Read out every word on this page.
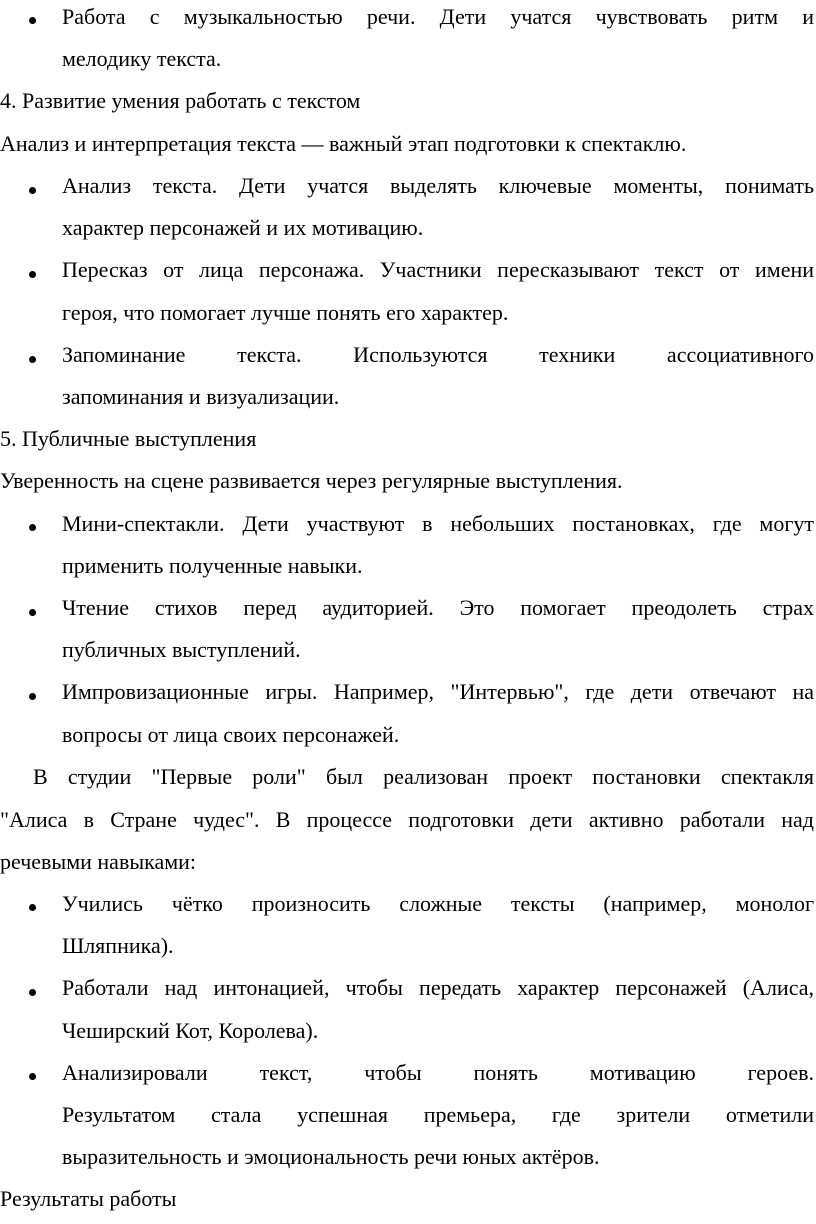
Работа с музыкальностью речи. Дети учатся чувствовать ритм и
мелодику текста.
4. Развитие умения работать с текстом
Анализ и интерпретация текста — важный этап подготовки к спектаклю.
Анализ текста. Дети учатся выделять ключевые моменты, понимать
характер персонажей и их мотивацию.
Пересказ от лица персонажа. Участники пересказывают текст от имени
героя, что помогает лучше понять его характер.
Запоминание текста. Используются техники ассоциативного
запоминания и визуализации.
5. Публичные выступления
Уверенность на сцене развивается через регулярные выступления.
Мини-спектакли. Дети участвуют в небольших постановках, где могут
применить полученные навыки.
Чтение стихов перед аудиторией. Это помогает преодолеть страх
публичных выступлений.
Импровизационные игры. Например, "Интервью", где дети отвечают на
вопросы от лица своих персонажей.
В студии "Первые роли" был реализован проект постановки спектакля
"Алиса в Стране чудес". В процессе подготовки дети активно работали над
речевыми навыками:
Учились чётко произносить сложные тексты (например, монолог
Шляпника).
Работали над интонацией, чтобы передать характер персонажей (Алиса,
Чеширский Кот, Королева).
Анализировали текст, чтобы понять мотивацию героев.
Результатом стала успешная премьера, где зрители отметили
выразительность и эмоциональность речи юных актёров.
Результаты работы
